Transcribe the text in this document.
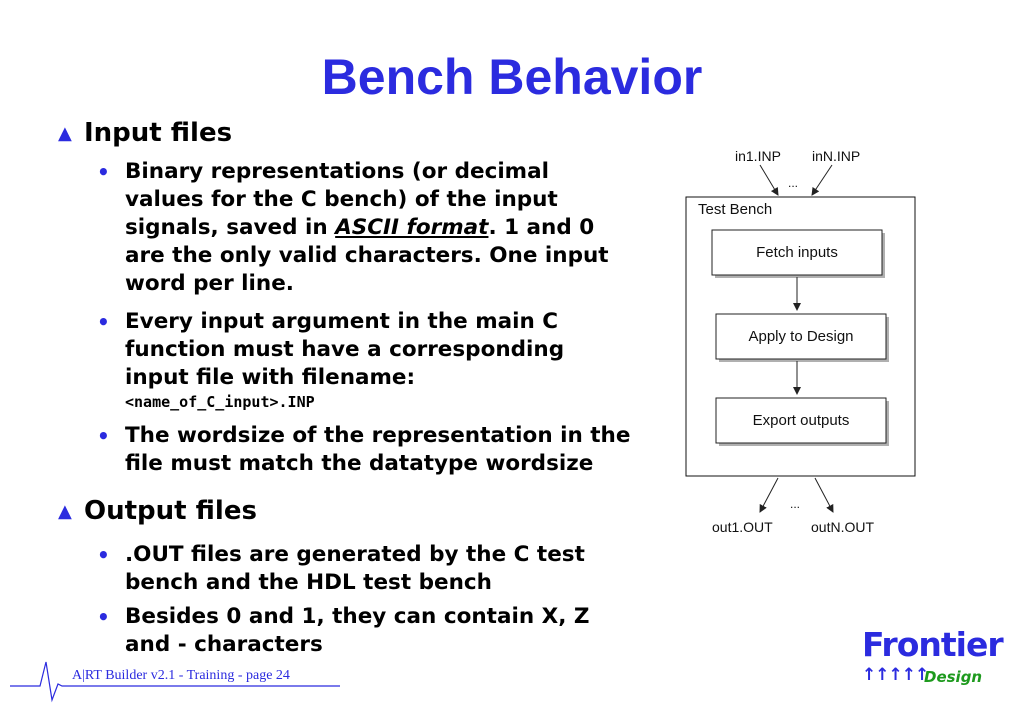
Bench Behavior
▲ Input files
• Binary representations (or decimal
values for the C bench) of the input
signals, saved in ASCII format. 1 and 0
are the only valid characters. One input
word per line.
• Every input argument in the main C
function must have a corresponding
input file with filename:
<name_of_C_input>.INP
• The wordsize of the representation in the
file must match the datatype wordsize
▲ Output files
• .OUT files are generated by the C test
bench and the HDL test bench
• Besides 0 and 1, they can contain X, Z
and - characters
in1.INP inN.INP
...
Test Bench
Fetch inputs
Apply to Design
Export outputs
...
out1.OUT	outN.OUT
A|RT Builder v2.1 - Training - page 24
Frontier
↑↑↑↑↑
Design
